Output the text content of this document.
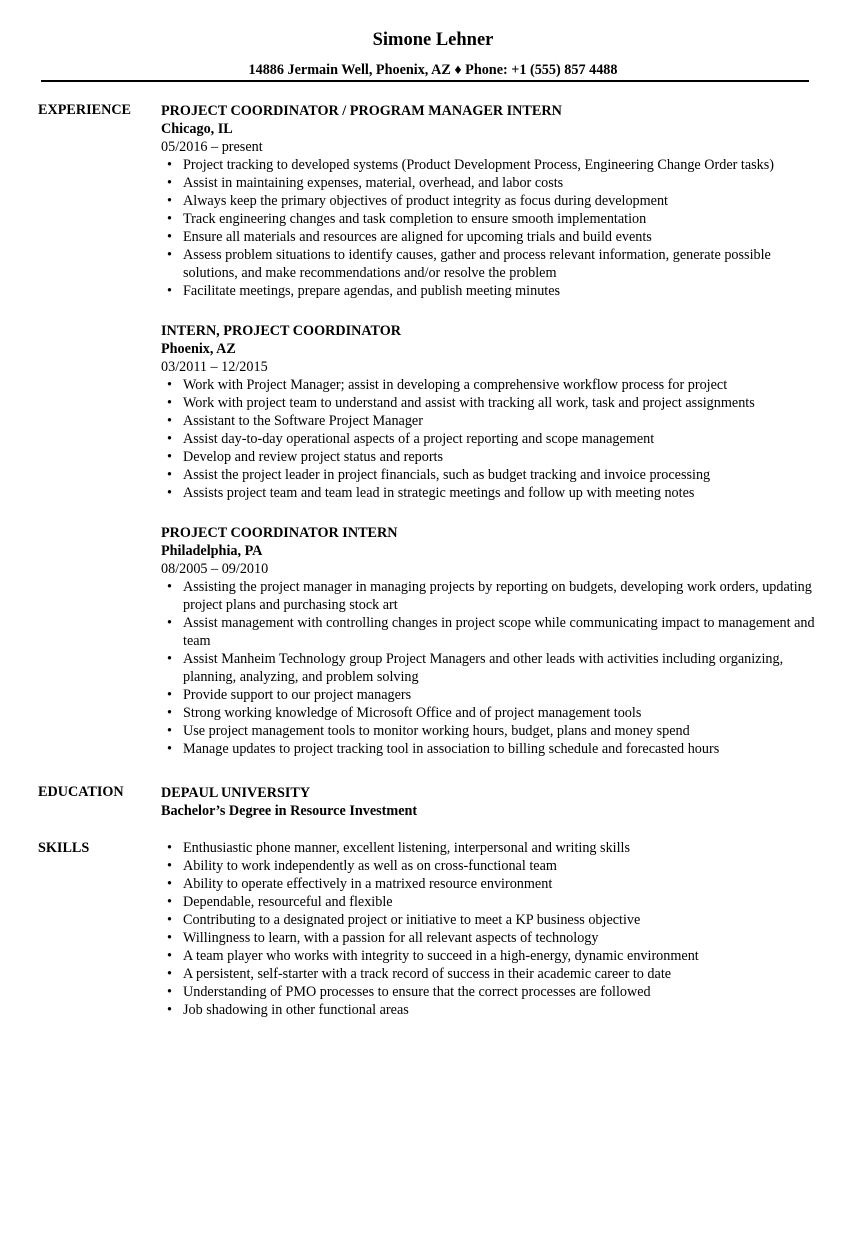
Simone Lehner
14886 Jermain Well, Phoenix, AZ ♦ Phone: +1 (555) 857 4488
EXPERIENCE PROJECT COORDINATOR / PROGRAM MANAGER INTERN
Chicago, IL
05/2016 – present
• Project tracking to developed systems (Product Development Process, Engineering Change Order tasks)
• Assist in maintaining expenses, material, overhead, and labor costs
• Always keep the primary objectives of product integrity as focus during development
• Track engineering changes and task completion to ensure smooth implementation
• Ensure all materials and resources are aligned for upcoming trials and build events
• Assess problem situations to identify causes, gather and process relevant information, generate possible solutions, and make recommendations and/or resolve the problem
• Facilitate meetings, prepare agendas, and publish meeting minutes
INTERN, PROJECT COORDINATOR
Phoenix, AZ
03/2011 – 12/2015
• Work with Project Manager; assist in developing a comprehensive workflow process for project
• Work with project team to understand and assist with tracking all work, task and project assignments
• Assistant to the Software Project Manager
• Assist day-to-day operational aspects of a project reporting and scope management
• Develop and review project status and reports
• Assist the project leader in project financials, such as budget tracking and invoice processing
• Assists project team and team lead in strategic meetings and follow up with meeting notes
PROJECT COORDINATOR INTERN
Philadelphia, PA
08/2005 – 09/2010
• Assisting the project manager in managing projects by reporting on budgets, developing work orders, updating project plans and purchasing stock art
• Assist management with controlling changes in project scope while communicating impact to management and team
• Assist Manheim Technology group Project Managers and other leads with activities including organizing, planning, analyzing, and problem solving
• Provide support to our project managers
• Strong working knowledge of Microsoft Office and of project management tools
• Use project management tools to monitor working hours, budget, plans and money spend
• Manage updates to project tracking tool in association to billing schedule and forecasted hours
EDUCATION	DEPAUL UNIVERSITY
Bachelor’s Degree in Resource Investment
SKILLS
•	Enthusiastic phone manner, excellent listening, interpersonal and writing skills
• Ability to work independently as well as on cross-functional team
• Ability to operate effectively in a matrixed resource environment
• Dependable, resourceful and flexible
• Contributing to a designated project or initiative to meet a KP business objective
• Willingness to learn, with a passion for all relevant aspects of technology
• A team player who works with integrity to succeed in a high-energy, dynamic environment
• A persistent, self-starter with a track record of success in their academic career to date
• Understanding of PMO processes to ensure that the correct processes are followed
• Job shadowing in other functional areas
